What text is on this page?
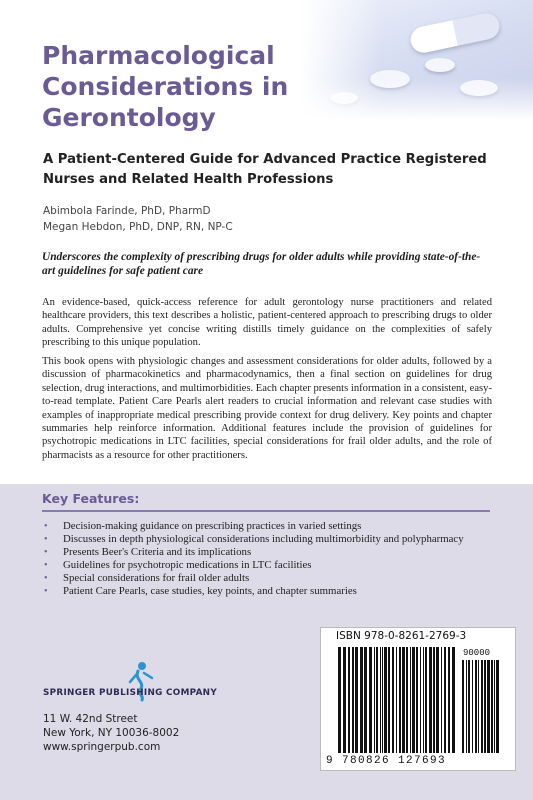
Pharmacological Considerations in Gerontology
A Patient-Centered Guide for Advanced Practice Registered Nurses and Related Health Professions
Abimbola Farinde, PhD, PharmD
Megan Hebdon, PhD, DNP, RN, NP-C

Underscores the complexity of prescribing drugs for older adults while providing state-of-the-art guidelines for safe patient care

An evidence-based, quick-access reference for adult gerontology nurse practitioners and related healthcare providers, this text describes a holistic, patient-centered approach to prescribing drugs to older adults. Comprehensive yet concise writing distills timely guidance on the complexities of safely prescribing to this unique population.

This book opens with physiologic changes and assessment considerations for older adults, followed by a discussion of pharmacokinetics and pharmacodynamics, then a final section on guidelines for drug selection, drug interactions, and multimorbidities. Each chapter presents information in a consistent, easy-to-read template. Patient Care Pearls alert readers to crucial information and relevant case studies with examples of inappropriate medical prescribing provide context for drug delivery. Key points and chapter summaries help reinforce information. Additional features include the provision of guidelines for psychotropic medications in LTC facilities, special considerations for frail older adults, and the role of pharmacists as a resource for other practitioners.

Key Features:
• Decision-making guidance on prescribing practices in varied settings
• Discusses in depth physiological considerations including multimorbidity and polypharmacy
• Presents Beer's Criteria and its implications
• Guidelines for psychotropic medications in LTC facilities
• Special considerations for frail older adults
• Patient Care Pearls, case studies, key points, and chapter summaries
SPRINGER PUBLISHING COMPANY
11 W. 42nd Street
New York, NY 10036-8002
www.springerpub.com
ISBN 978-0-8261-2769-3
90000
9 780826 127693
